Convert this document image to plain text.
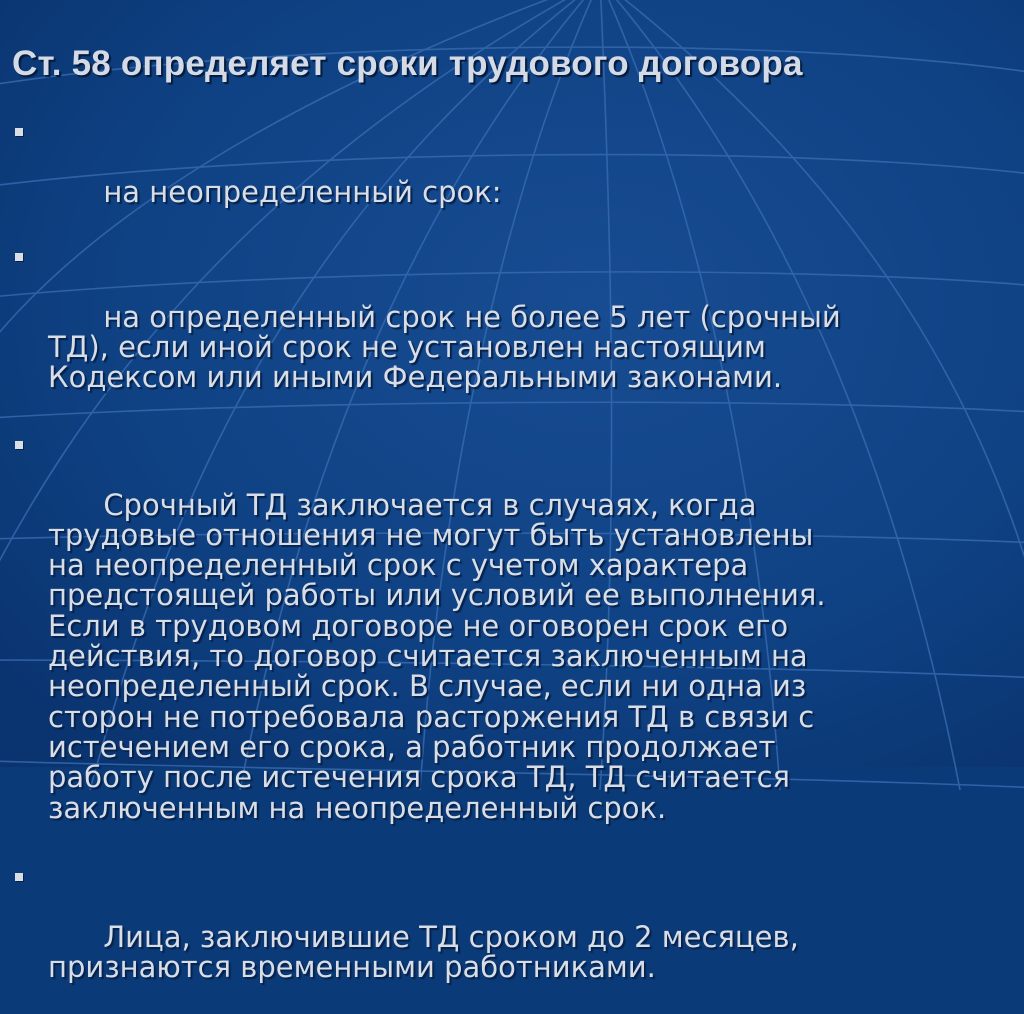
Ст. 58 определяет сроки трудового договора

на неопределенный срок:

на определенный срок не более 5 лет (срочный
ТД), если иной срок не установлен настоящим
Кодексом или иными Федеральными законами.

Срочный ТД заключается в случаях, когда
трудовые отношения не могут быть установлены
на неопределенный срок с учетом характера
предстоящей работы или условий ее выполнения.
Если в трудовом договоре не оговорен срок его
действия, то договор считается заключенным на
неопределенный срок. В случае, если ни одна из
сторон не потребовала расторжения ТД в связи с
истечением его срока, а работник продолжает
работу после истечения срока ТД, ТД считается
заключенным на неопределенный срок.

Лица, заключившие ТД сроком до 2 месяцев,
признаются временными работниками.
